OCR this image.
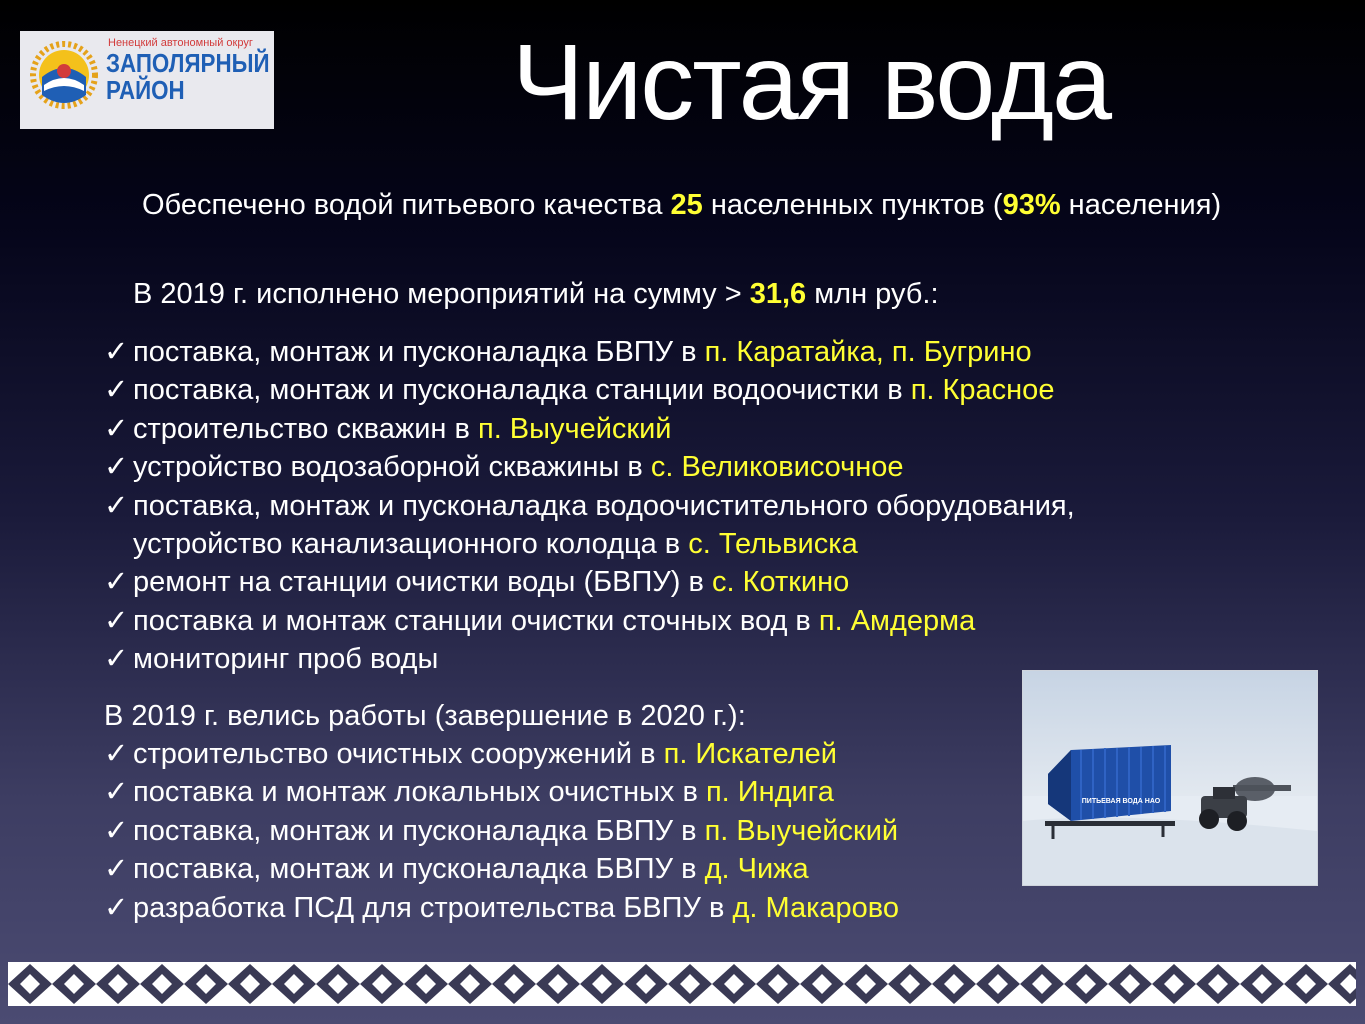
Ненецкий автономный округ
ЗАПОЛЯРНЫЙ
РАЙОН	Чистая вода
Обеспечено водой питьевого качества 25 населенных пунктов (93% населения)
В 2019 г. исполнено мероприятий на сумму > 31,6 млн руб.:
✓ поставка, монтаж и пусконаладка БВПУ в п. Каратайка, п. Бугрино
✓ поставка, монтаж и пусконаладка станции водоочистки в п. Красное
✓ строительство скважин в п. Выучейский
✓ устройство водозаборной скважины в с. Великовисочное
✓ поставка, монтаж и пусконаладка водоочистительного оборудования,
устройство канализационного колодца в с. Тельвиска
✓ ремонт на станции очистки воды (БВПУ) в с. Коткино
✓ поставка и монтаж станции очистки сточных вод в п. Амдерма
✓ мониторинг проб воды
В 2019 г. велись работы (завершение в 2020 г.):
✓ строительство очистных сооружений в п. Искателей
✓ поставка и монтаж локальных очистных в п. Индига
✓ поставка, монтаж и пусконаладка БВПУ в п. Выучейский
✓ поставка, монтаж и пусконаладка БВПУ в д. Чижа
✓ разработка ПСД для строительства БВПУ в д. Макарово
ПИТЬЕВАЯ ВОДА НАО
